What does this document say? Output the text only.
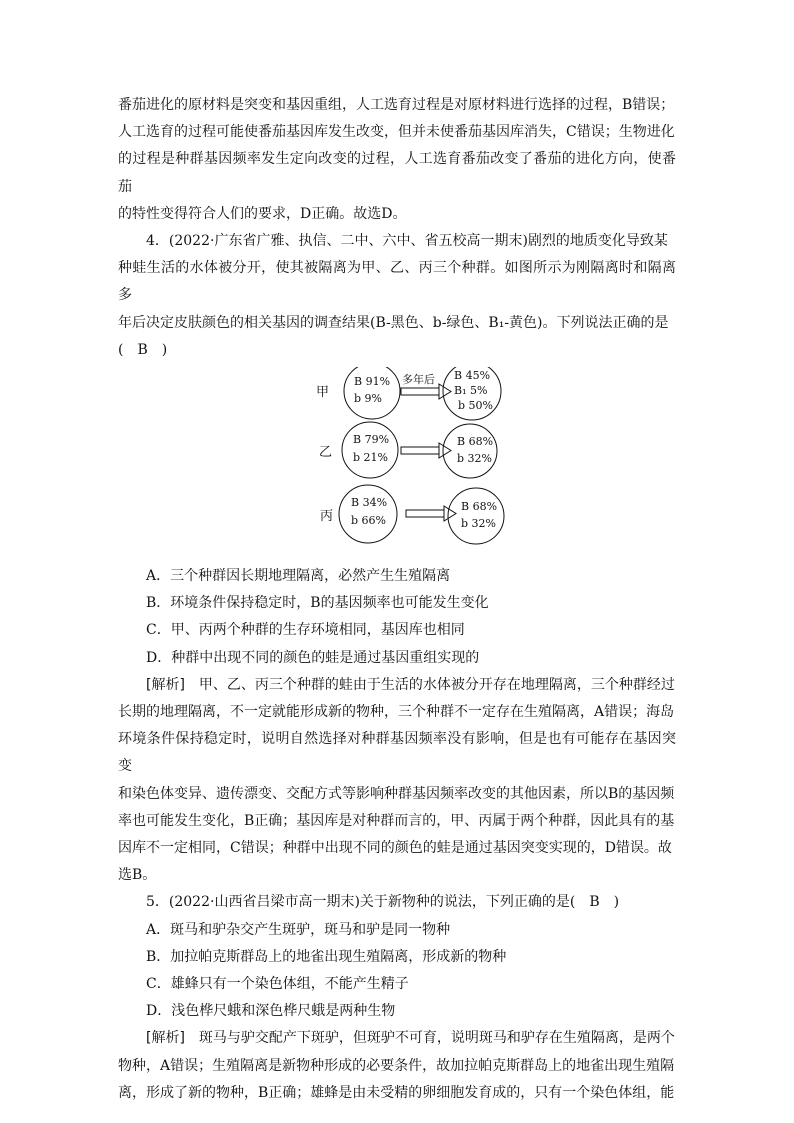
番茄进化的原材料是突变和基因重组，人工选育过程是对原材料进行选择的过程，B错误；

人工选育的过程可能使番茄基因库发生改变，但并未使番茄基因库消失，C错误；生物进化

的过程是种群基因频率发生定向改变的过程，人工选育番茄改变了番茄的进化方向，使番茄

的特性变得符合人们的要求，D正确。故选D。

4．(2022·广东省广雅、执信、二中、六中、省五校高一期末)剧烈的地质变化导致某

种蛙生活的水体被分开，使其被隔离为甲、乙、丙三个种群。如图所示为刚隔离时和隔离多

年后决定皮肤颜色的相关基因的调查结果(B-黑色、b-绿色、B₁-黄色)。下列说法正确的是

(　B　)

甲
B 91%
b 9%
多年后 B 45%
B₁ 5%
b 50%
乙
B 79%
b 21%
B 68%
b 32%
丙
B 34%
b 66%
B 68%
b 32%

A．三个种群因长期地理隔离，必然产生生殖隔离

B．环境条件保持稳定时，B的基因频率也可能发生变化

C．甲、丙两个种群的生存环境相同，基因库也相同

D．种群中出现不同的颜色的蛙是通过基因重组实现的

[解析]　甲、乙、丙三个种群的蛙由于生活的水体被分开存在地理隔离，三个种群经过

长期的地理隔离，不一定就能形成新的物种，三个种群不一定存在生殖隔离，A错误；海岛

环境条件保持稳定时，说明自然选择对种群基因频率没有影响，但是也有可能存在基因突变

和染色体变异、遗传漂变、交配方式等影响种群基因频率改变的其他因素，所以B的基因频

率也可能发生变化，B正确；基因库是对种群而言的，甲、丙属于两个种群，因此具有的基

因库不一定相同，C错误；种群中出现不同的颜色的蛙是通过基因突变实现的，D错误。故

选B。

5．(2022·山西省吕梁市高一期末)关于新物种的说法，下列正确的是(　B　)

A．斑马和驴杂交产生斑驴，斑马和驴是同一物种

B．加拉帕克斯群岛上的地雀出现生殖隔离，形成新的物种

C．雄蜂只有一个染色体组，不能产生精子

D．浅色桦尺蛾和深色桦尺蛾是两种生物

[解析]　斑马与驴交配产下斑驴，但斑驴不可育，说明斑马和驴存在生殖隔离，是两个

物种，A错误；生殖隔离是新物种形成的必要条件，故加拉帕克斯群岛上的地雀出现生殖隔

离，形成了新的物种，B正确；雄蜂是由未受精的卵细胞发育成的，只有一个染色体组，能
